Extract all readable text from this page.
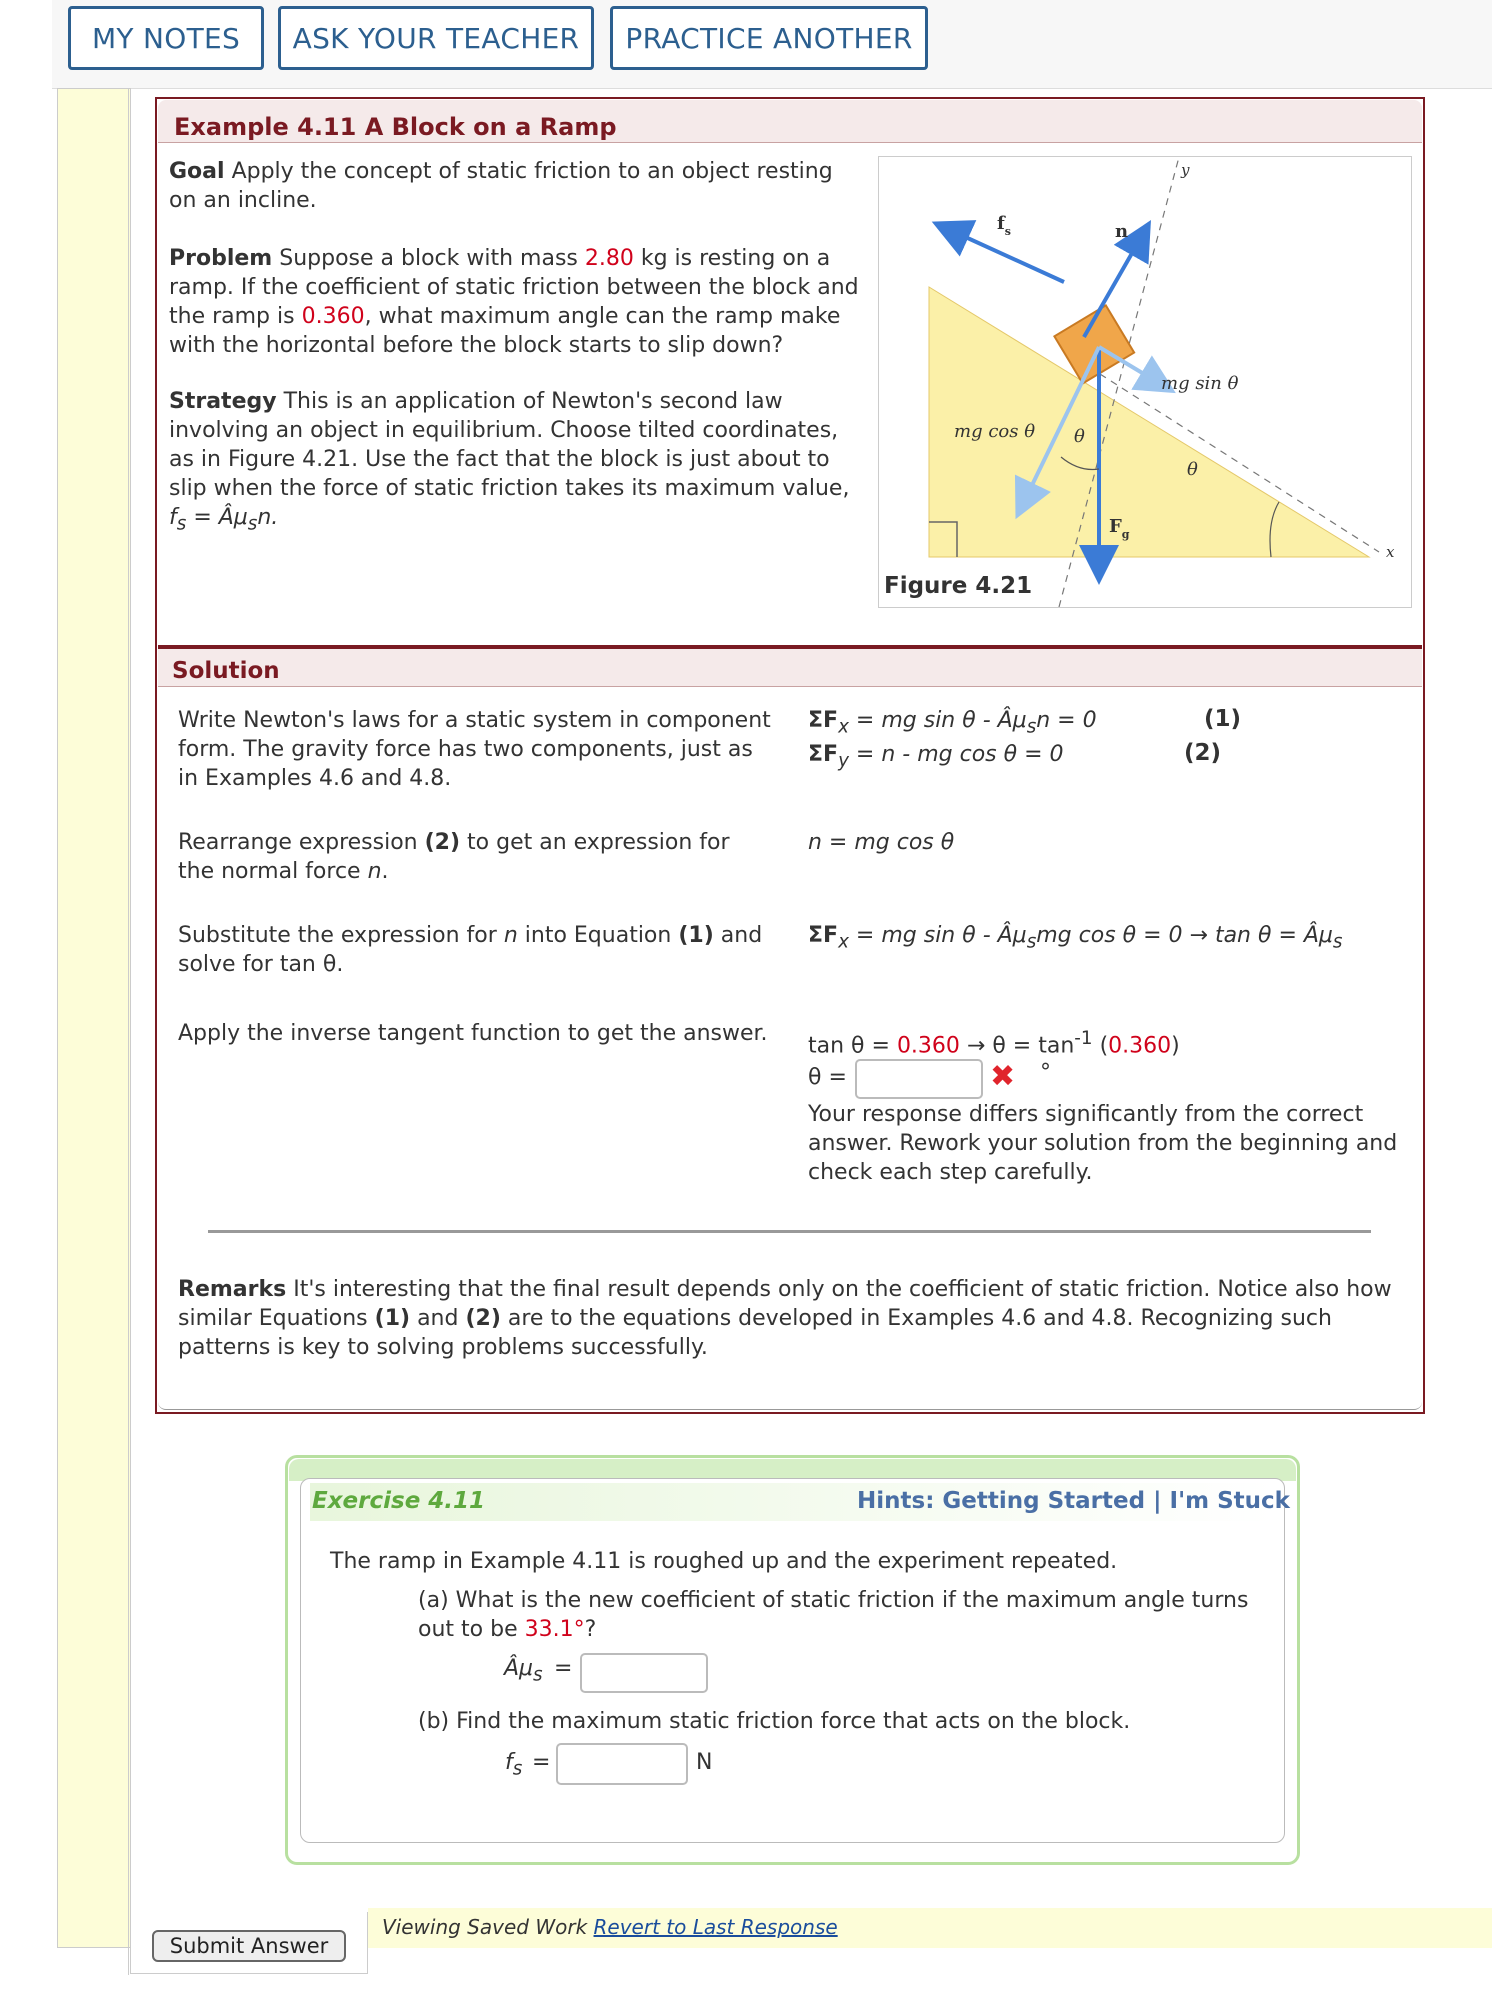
MY NOTES	ASK YOUR TEACHER	PRACTICE ANOTHER
Example 4.11 A Block on a Ramp
Goal Apply the concept of static friction to an object resting on an incline.
Problem Suppose a block with mass 2.80 kg is resting on a ramp. If the coefficient of static friction between the block and the ramp is 0.360, what maximum angle can the ramp make with the horizontal before the block starts to slip down?
Strategy This is an application of Newton's second law involving an object in equilibrium. Choose tilted coordinates, as in Figure 4.21. Use the fact that the block is just about to slip when the force of static friction takes its maximum value, $f_s$ = $Â\mu_sn$.
$f_s$	n
mg sin θ
mg cos θ θ
θ
$F_g$
x
y
Figure 4.21
Solution
Write Newton's laws for a static system in component form. The gravity force has two components, just as in Examples 4.6 and 4.8.
$\Sigma F_x$ = mg $\sin \theta - Â\mu_sn = 0$	(1)
$\Sigma F_y = n$ - mg cos θ = 0	(2)
Rearrange expression (2) to get an expression for the normal force n.
n = mg cos θ
Substitute the expression for n into Equation (1) and solve for tan θ.
$\Sigma F_x$ = mg sin θ - $Â\mu_smg$ $\cos \theta = 0 \to \tan \theta = Â\mu_s$
Apply the inverse tangent function to get the answer.	$\tan \theta = 0.360 \to \theta = \tan^{-1} (0.360)$
θ =	✖ °
Your response differs significantly from the correct answer. Rework your solution from the beginning and check each step carefully.
Remarks It's interesting that the final result depends only on the coefficient of static friction. Notice also how similar Equations (1) and (2) are to the equations developed in Examples 4.6 and 4.8. Recognizing such patterns is key to solving problems successfully.
Exercise 4.11	Hints: Getting Started | I'm Stuck
The ramp in Example 4.11 is roughed up and the experiment repeated.
(a) What is the new coefficient of static friction if the maximum angle turns out to be 33.1°?
$Â\mu_s$ =
(b) Find the maximum static friction force that acts on the block.
$f_s$ =	N
Submit Answer
Viewing Saved Work Revert to Last Response
